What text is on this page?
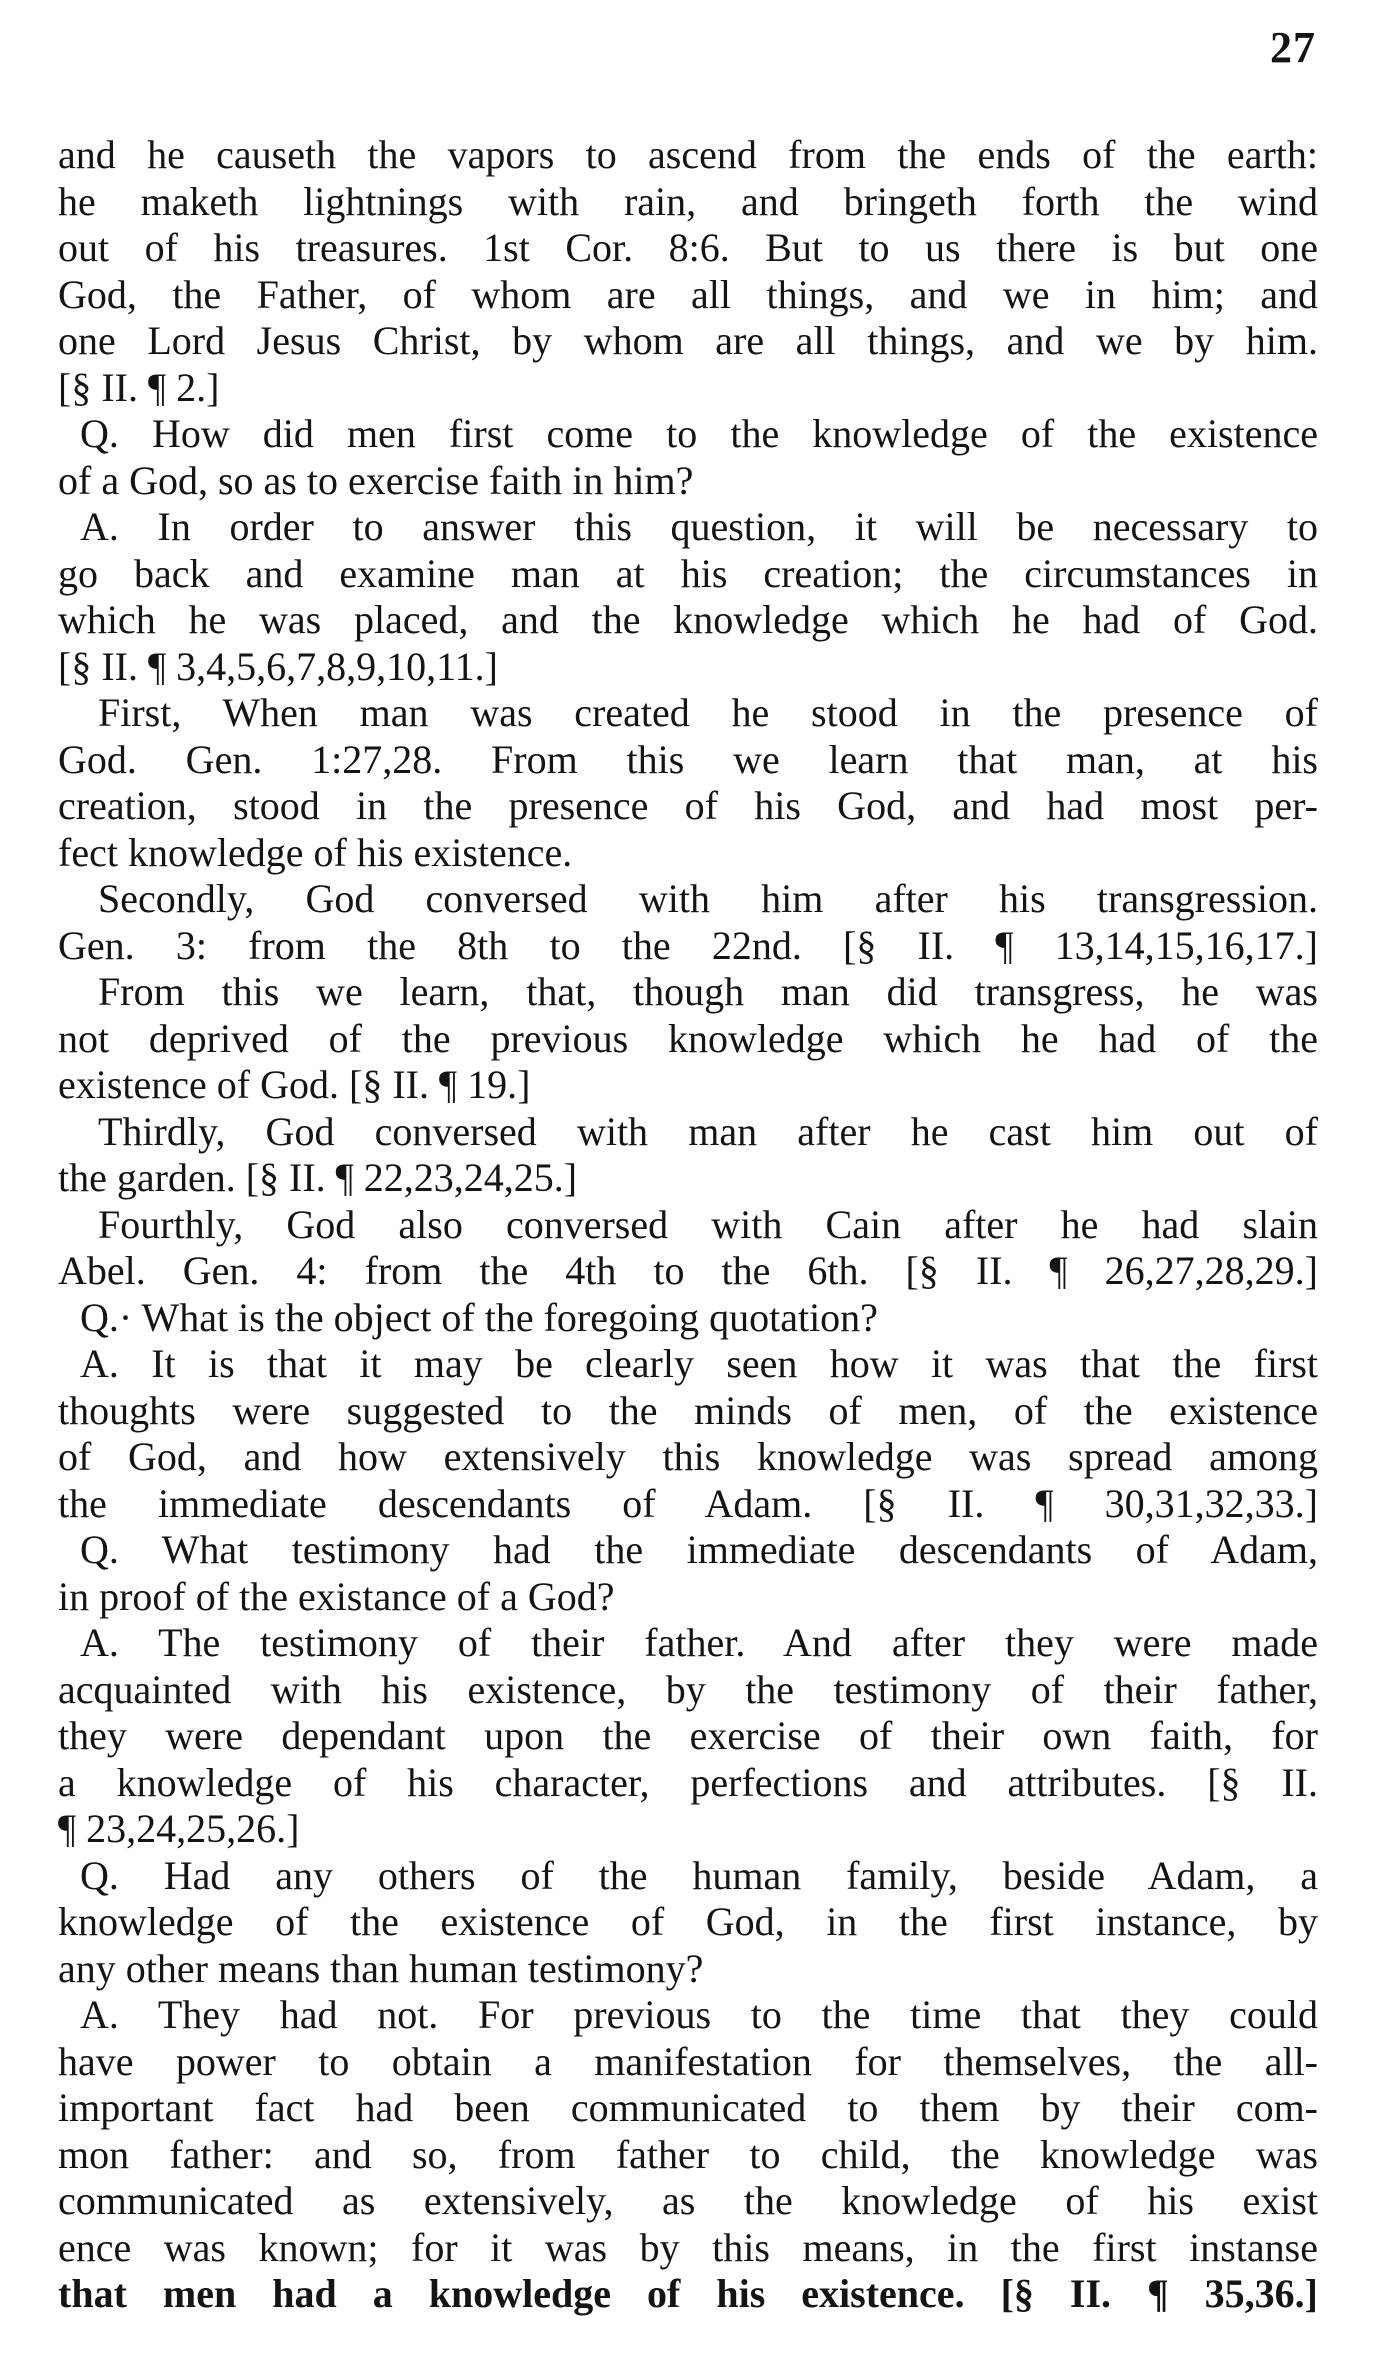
27
and he causeth the vapors to ascend from the ends of the earth:
he maketh lightnings with rain, and bringeth forth the wind
out of his treasures. 1st Cor. 8:6. But to us there is but one
God, the Father, of whom are all things, and we in him; and
one Lord Jesus Christ, by whom are all things, and we by him.
[§ II. ¶ 2.]
Q. How did men first come to the knowledge of the existence
of a God, so as to exercise faith in him?
A. In order to answer this question, it will be necessary to
go back and examine man at his creation; the circumstances in
which he was placed, and the knowledge which he had of God.
[§ II. ¶ 3,4,5,6,7,8,9,10,11.]
First, When man was created he stood in the presence of
God. Gen. 1:27,28. From this we learn that man, at his
creation, stood in the presence of his God, and had most per-
fect knowledge of his existence.
Secondly, God conversed with him after his transgression.
Gen. 3: from the 8th to the 22nd. [§ II. ¶ 13,14,15,16,17.]
From this we learn, that, though man did transgress, he was
not deprived of the previous knowledge which he had of the
existence of God. [§ II. ¶ 19.]
Thirdly, God conversed with man after he cast him out of
the garden. [§ II. ¶ 22,23,24,25.]
Fourthly, God also conversed with Cain after he had slain
Abel. Gen. 4: from the 4th to the 6th. [§ II. ¶ 26,27,28,29.]
Q.· What is the object of the foregoing quotation?
A. It is that it may be clearly seen how it was that the first
thoughts were suggested to the minds of men, of the existence
of God, and how extensively this knowledge was spread among
the immediate descendants of Adam. [§ II. ¶ 30,31,32,33.]
Q. What testimony had the immediate descendants of Adam,
in proof of the existance of a God?
A. The testimony of their father. And after they were made
acquainted with his existence, by the testimony of their father,
they were dependant upon the exercise of their own faith, for
a knowledge of his character, perfections and attributes. [§ II.
¶ 23,24,25,26.]
Q. Had any others of the human family, beside Adam, a
knowledge of the existence of God, in the first instance, by
any other means than human testimony?
A. They had not. For previous to the time that they could
have power to obtain a manifestation for themselves, the all-
important fact had been communicated to them by their com-
mon father: and so, from father to child, the knowledge was
communicated as extensively, as the knowledge of his exist
ence was known; for it was by this means, in the first instanse
that men had a knowledge of his existence. [§ II. ¶ 35,36.]
